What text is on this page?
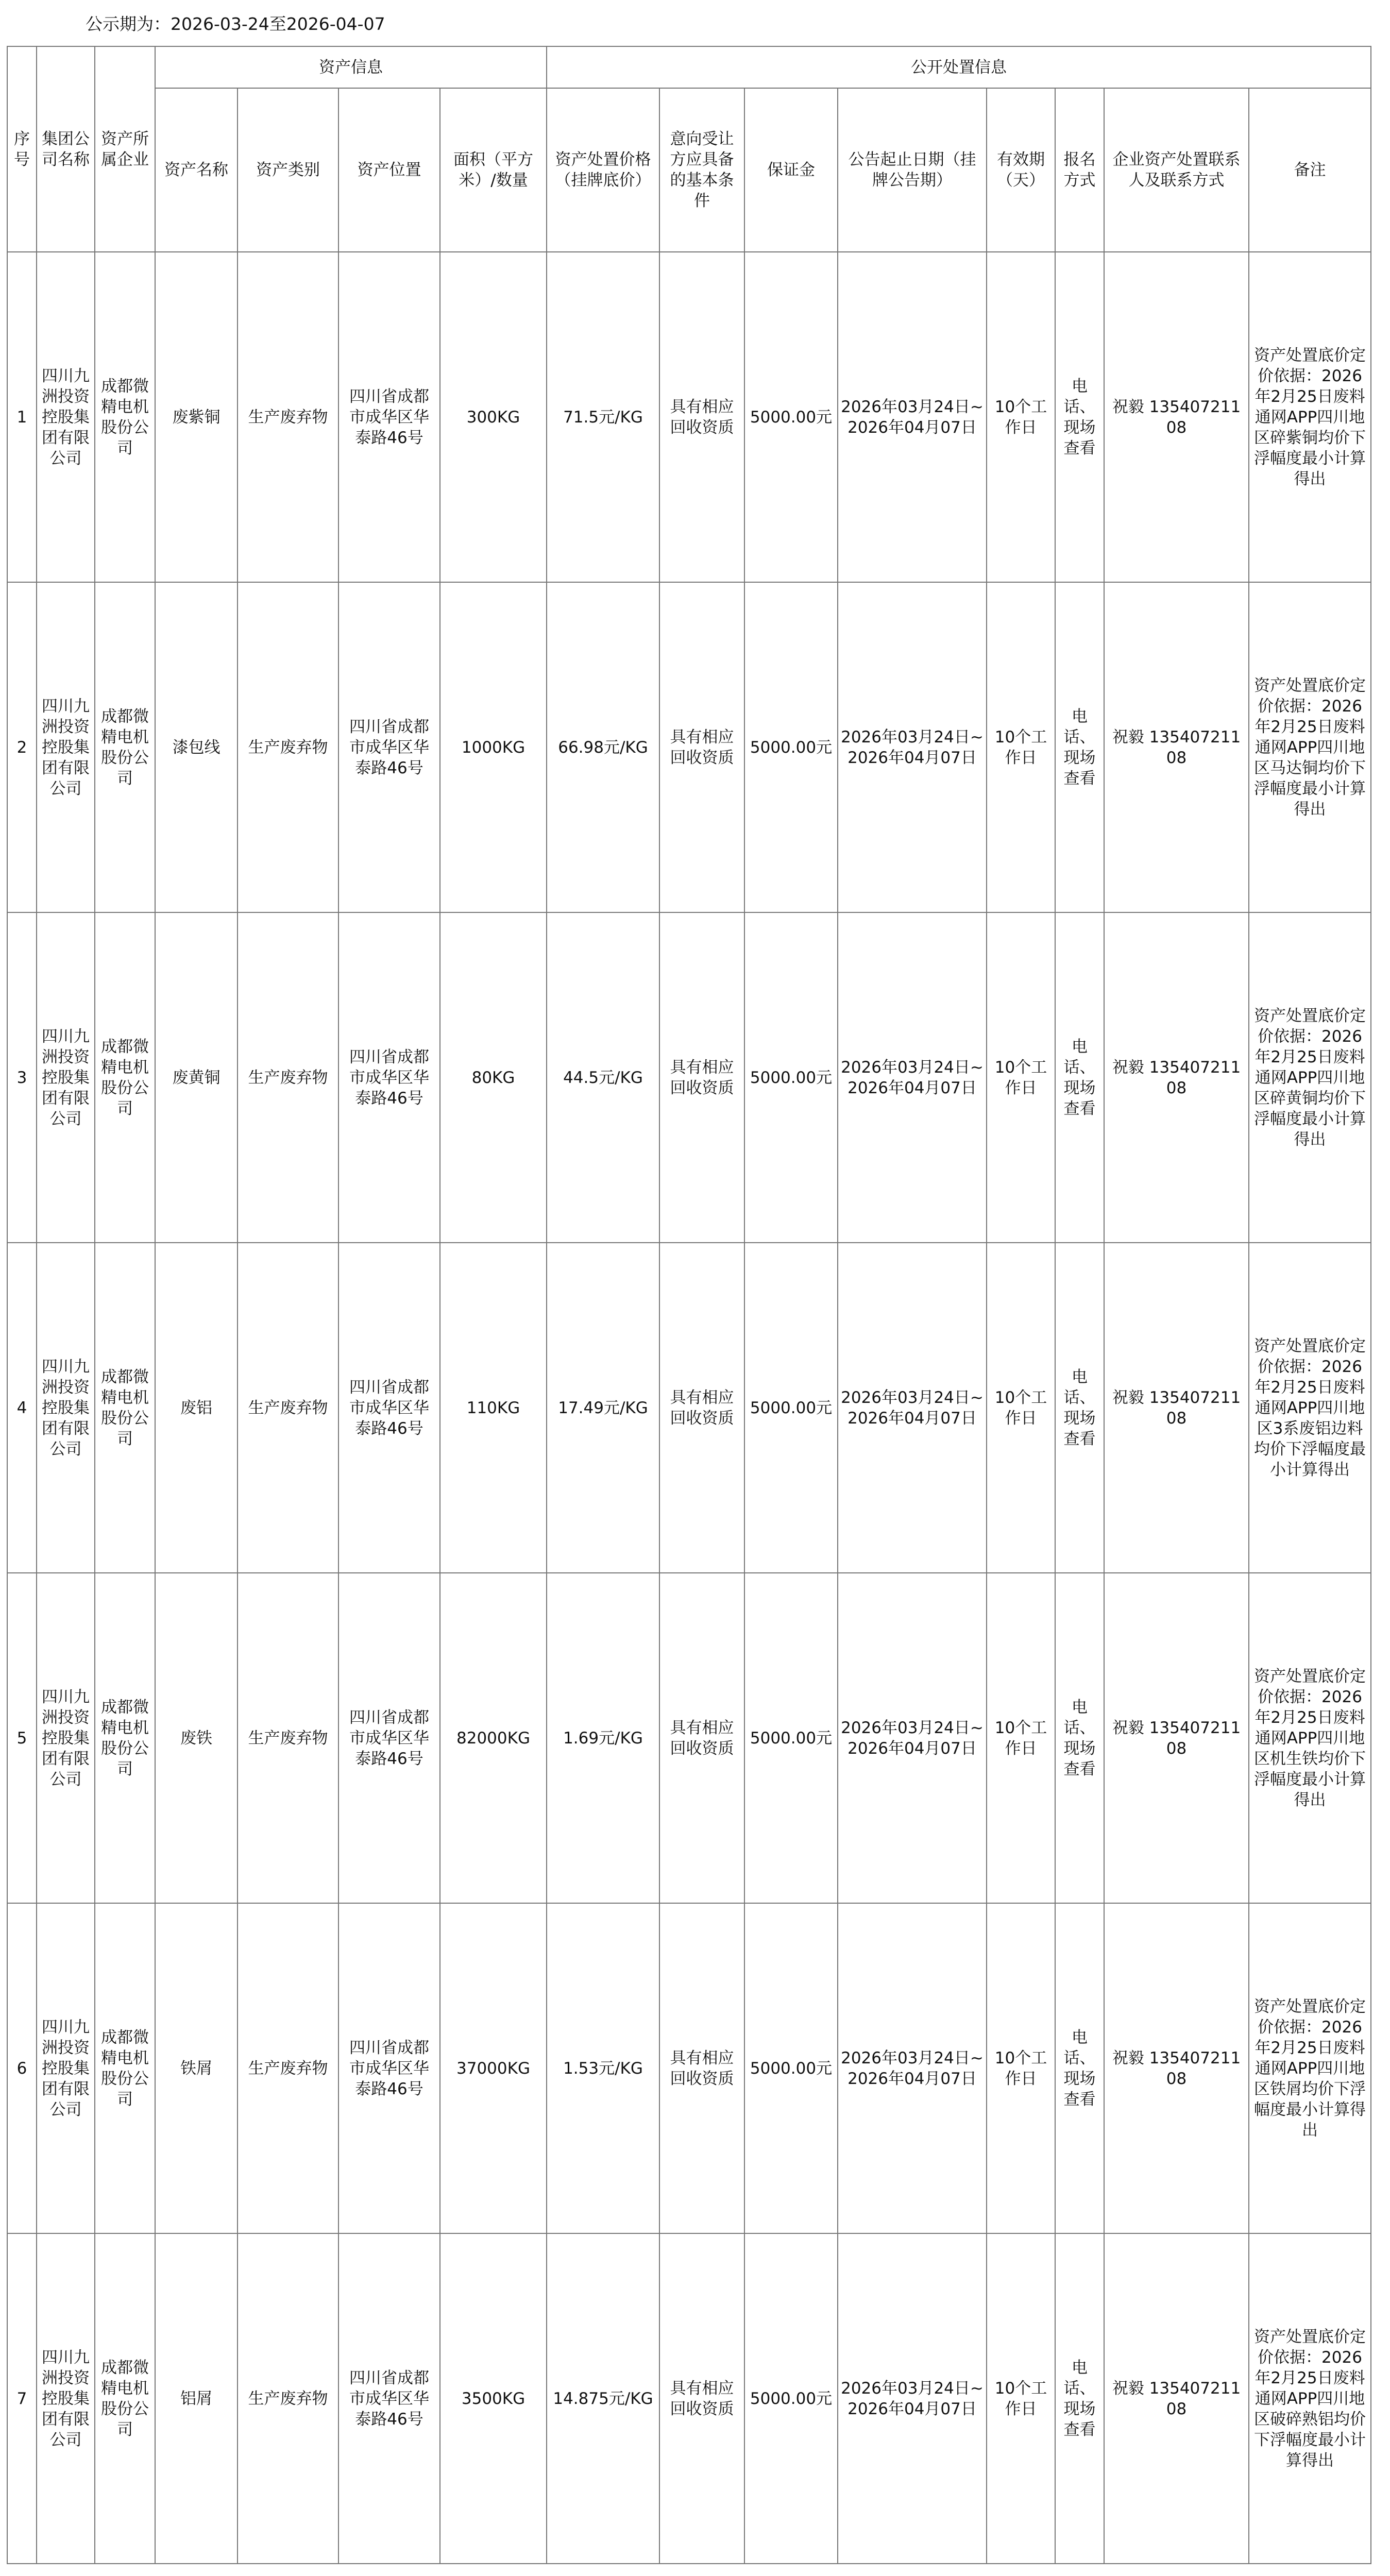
公示期为：2026-03-24至2026-04-07
序号	集团公司名称	资产所属企业	资产信息				公开处置信息							
			资产名称	资产类别	资产位置	面积（平方米）/数量	资产处置价格（挂牌底价）	意向受让方应具备的基本条件	保证金	公告起止日期（挂牌公告期）	有效期（天）	报名方式	企业资产处置联系人及联系方式	备注
1	四川九洲投资控股集团有限公司	成都微精电机股份公司	废紫铜	生产废弃物	四川省成都市成华区华泰路46号	300KG	71.5元/KG	具有相应回收资质	5000.00元	2026年03月24日~2026年04月07日	10个工作日	电话、现场查看	祝毅 13540721108	资产处置底价定价依据：2026年2月25日废料通网APP四川地区碎紫铜均价下浮幅度最小计算得出
2	四川九洲投资控股集团有限公司	成都微精电机股份公司	漆包线	生产废弃物	四川省成都市成华区华泰路46号	1000KG	66.98元/KG	具有相应回收资质	5000.00元	2026年03月24日~2026年04月07日	10个工作日	电话、现场查看	祝毅 13540721108	资产处置底价定价依据：2026年2月25日废料通网APP四川地区马达铜均价下浮幅度最小计算得出
3	四川九洲投资控股集团有限公司	成都微精电机股份公司	废黄铜	生产废弃物	四川省成都市成华区华泰路46号	80KG	44.5元/KG	具有相应回收资质	5000.00元	2026年03月24日~2026年04月07日	10个工作日	电话、现场查看	祝毅 13540721108	资产处置底价定价依据：2026年2月25日废料通网APP四川地区碎黄铜均价下浮幅度最小计算得出
4	四川九洲投资控股集团有限公司	成都微精电机股份公司	废铝	生产废弃物	四川省成都市成华区华泰路46号	110KG	17.49元/KG	具有相应回收资质	5000.00元	2026年03月24日~2026年04月07日	10个工作日	电话、现场查看	祝毅 13540721108	资产处置底价定价依据：2026年2月25日废料通网APP四川地区3系废铝边料均价下浮幅度最小计算得出
5	四川九洲投资控股集团有限公司	成都微精电机股份公司	废铁	生产废弃物	四川省成都市成华区华泰路46号	82000KG	1.69元/KG	具有相应回收资质	5000.00元	2026年03月24日~2026年04月07日	10个工作日	电话、现场查看	祝毅 13540721108	资产处置底价定价依据：2026年2月25日废料通网APP四川地区机生铁均价下浮幅度最小计算得出
6	四川九洲投资控股集团有限公司	成都微精电机股份公司	铁屑	生产废弃物	四川省成都市成华区华泰路46号	37000KG	1.53元/KG	具有相应回收资质	5000.00元	2026年03月24日~2026年04月07日	10个工作日	电话、现场查看	祝毅 13540721108	资产处置底价定价依据：2026年2月25日废料通网APP四川地区铁屑均价下浮幅度最小计算得出
7	四川九洲投资控股集团有限公司	成都微精电机股份公司	铝屑	生产废弃物	四川省成都市成华区华泰路46号	3500KG	14.875元/KG	具有相应回收资质	5000.00元	2026年03月24日~2026年04月07日	10个工作日	电话、现场查看	祝毅 13540721108	资产处置底价定价依据：2026年2月25日废料通网APP四川地区破碎熟铝均价下浮幅度最小计算得出
